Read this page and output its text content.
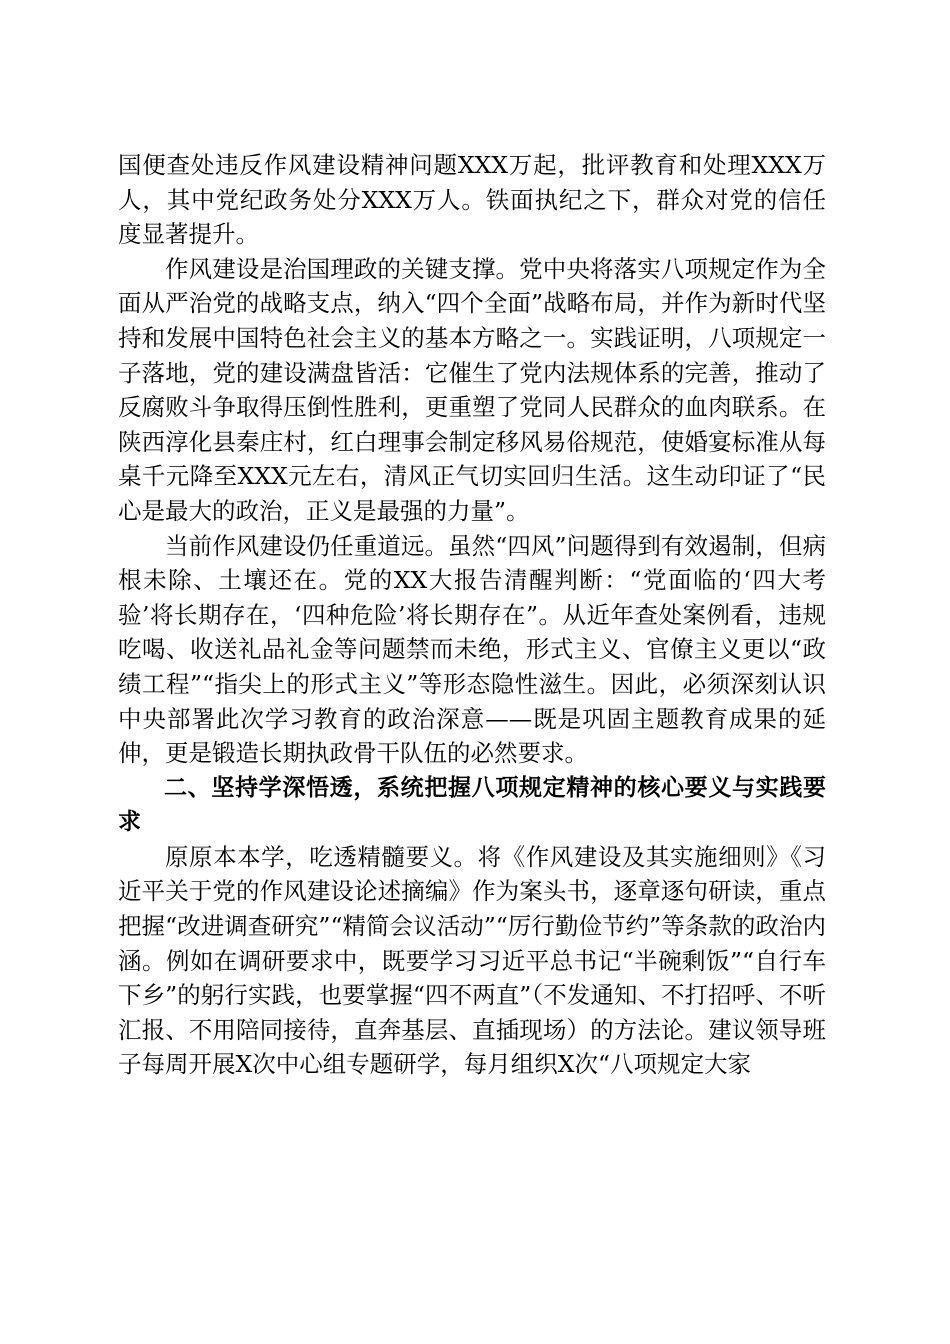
国便查处违反作风建设精神问题XXX万起，批评教育和处理XXX万人，其中党纪政务处分XXX万人。铁面执纪之下，群众对党的信任度显著提升。

作风建设是治国理政的关键支撑。党中央将落实八项规定作为全面从严治党的战略支点，纳入“四个全面”战略布局，并作为新时代坚持和发展中国特色社会主义的基本方略之一。实践证明，八项规定一子落地，党的建设满盘皆活：它催生了党内法规体系的完善，推动了反腐败斗争取得压倒性胜利，更重塑了党同人民群众的血肉联系。在陕西淳化县秦庄村，红白理事会制定移风易俗规范，使婚宴标准从每桌千元降至XXX元左右，清风正气切实回归生活。这生动印证了“民心是最大的政治，正义是最强的力量”。

当前作风建设仍任重道远。虽然“四风”问题得到有效遏制，但病根未除、土壤还在。党的XX大报告清醒判断：“党面临的‘四大考验’将长期存在，‘四种危险’将长期存在”。从近年查处案例看，违规吃喝、收送礼品礼金等问题禁而未绝，形式主义、官僚主义更以“政绩工程”“指尖上的形式主义”等形态隐性滋生。因此，必须深刻认识中央部署此次学习教育的政治深意——既是巩固主题教育成果的延伸，更是锻造长期执政骨干队伍的必然要求。

二、坚持学深悟透，系统把握八项规定精神的核心要义与实践要求

原原本本学，吃透精髓要义。将《作风建设及其实施细则》《习近平关于党的作风建设论述摘编》作为案头书，逐章逐句研读，重点把握“改进调查研究”“精简会议活动”“厉行勤俭节约”等条款的政治内涵。例如在调研要求中，既要学习习近平总书记“半碗剩饭”“自行车下乡”的躬行实践，也要掌握“四不两直”（不发通知、不打招呼、不听汇报、不用陪同接待，直奔基层、直插现场）的方法论。建议领导班子每周开展X次中心组专题研学，每月组织X次“八项规定大家
